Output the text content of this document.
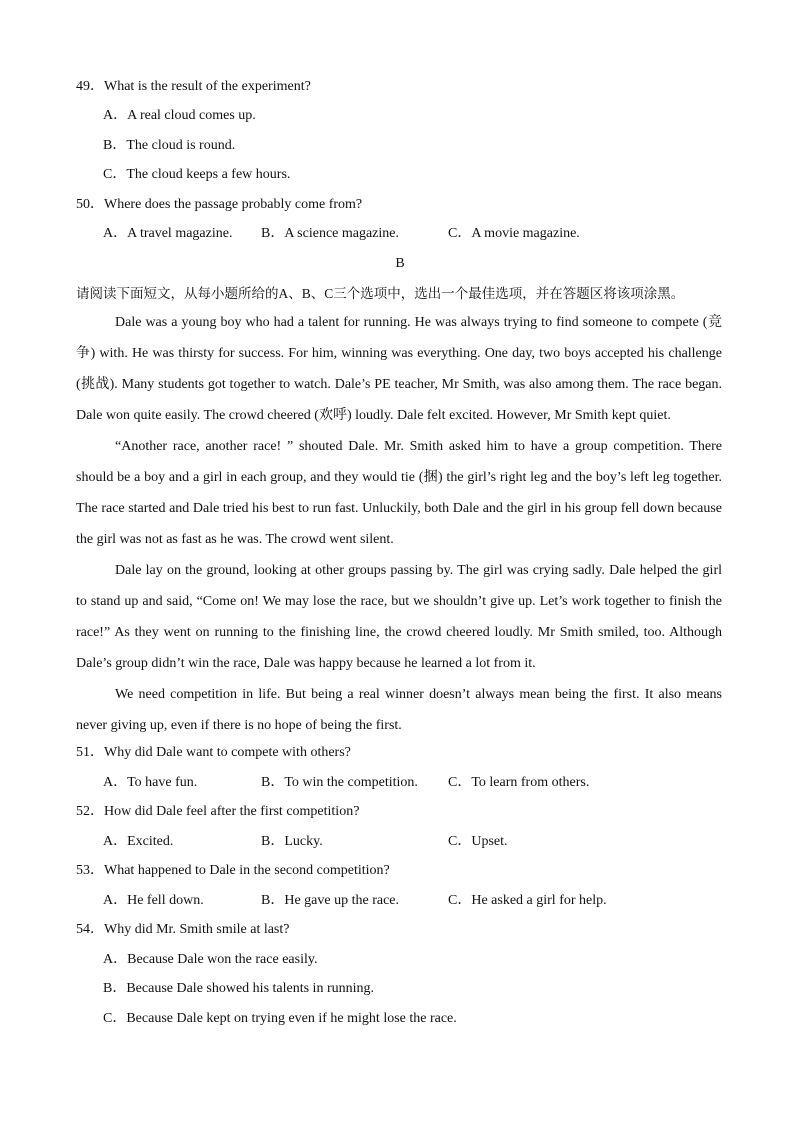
49．What is the result of the experiment?
A．A real cloud comes up.
B．The cloud is round.
C．The cloud keeps a few hours.
50．Where does the passage probably come from?
A．A travel magazine. B．A science magazine.	C．A movie magazine.
B
请阅读下面短文，从每小题所给的A、B、C三个选项中，选出一个最佳选项，并在答题区将该项涂黑。
Dale was a young boy who had a talent for running. He was always trying to find someone to compete (竞争) with. He was thirsty for success. For him, winning was everything. One day, two boys accepted his challenge (挑战). Many students got together to watch. Dale’s PE teacher, Mr Smith, was also among them. The race began. Dale won quite easily. The crowd cheered (欢呼) loudly. Dale felt excited. However, Mr Smith kept quiet.
“Another race, another race! ” shouted Dale. Mr. Smith asked him to have a group competition. There should be a boy and a girl in each group, and they would tie (捆) the girl’s right leg and the boy’s left leg together. The race started and Dale tried his best to run fast. Unluckily, both Dale and the girl in his group fell down because the girl was not as fast as he was. The crowd went silent.
Dale lay on the ground, looking at other groups passing by. The girl was crying sadly. Dale helped the girl to stand up and said, “Come on! We may lose the race, but we shouldn’t give up. Let’s work together to finish the race!” As they went on running to the finishing line, the crowd cheered loudly. Mr Smith smiled, too. Although Dale’s group didn’t win the race, Dale was happy because he learned a lot from it.
We need competition in life. But being a real winner doesn’t always mean being the first. It also means never giving up, even if there is no hope of being the first.
51．Why did Dale want to compete with others?
A．To have fun.	B．To win the competition. C．To learn from others.
52．How did Dale feel after the first competition?
A．Excited.	B．Lucky.	C．Upset.
53．What happened to Dale in the second competition?
A．He fell down.	B．He gave up the race.	C．He asked a girl for help.
54．Why did Mr. Smith smile at last?
A．Because Dale won the race easily.
B．Because Dale showed his talents in running.
C．Because Dale kept on trying even if he might lose the race.
